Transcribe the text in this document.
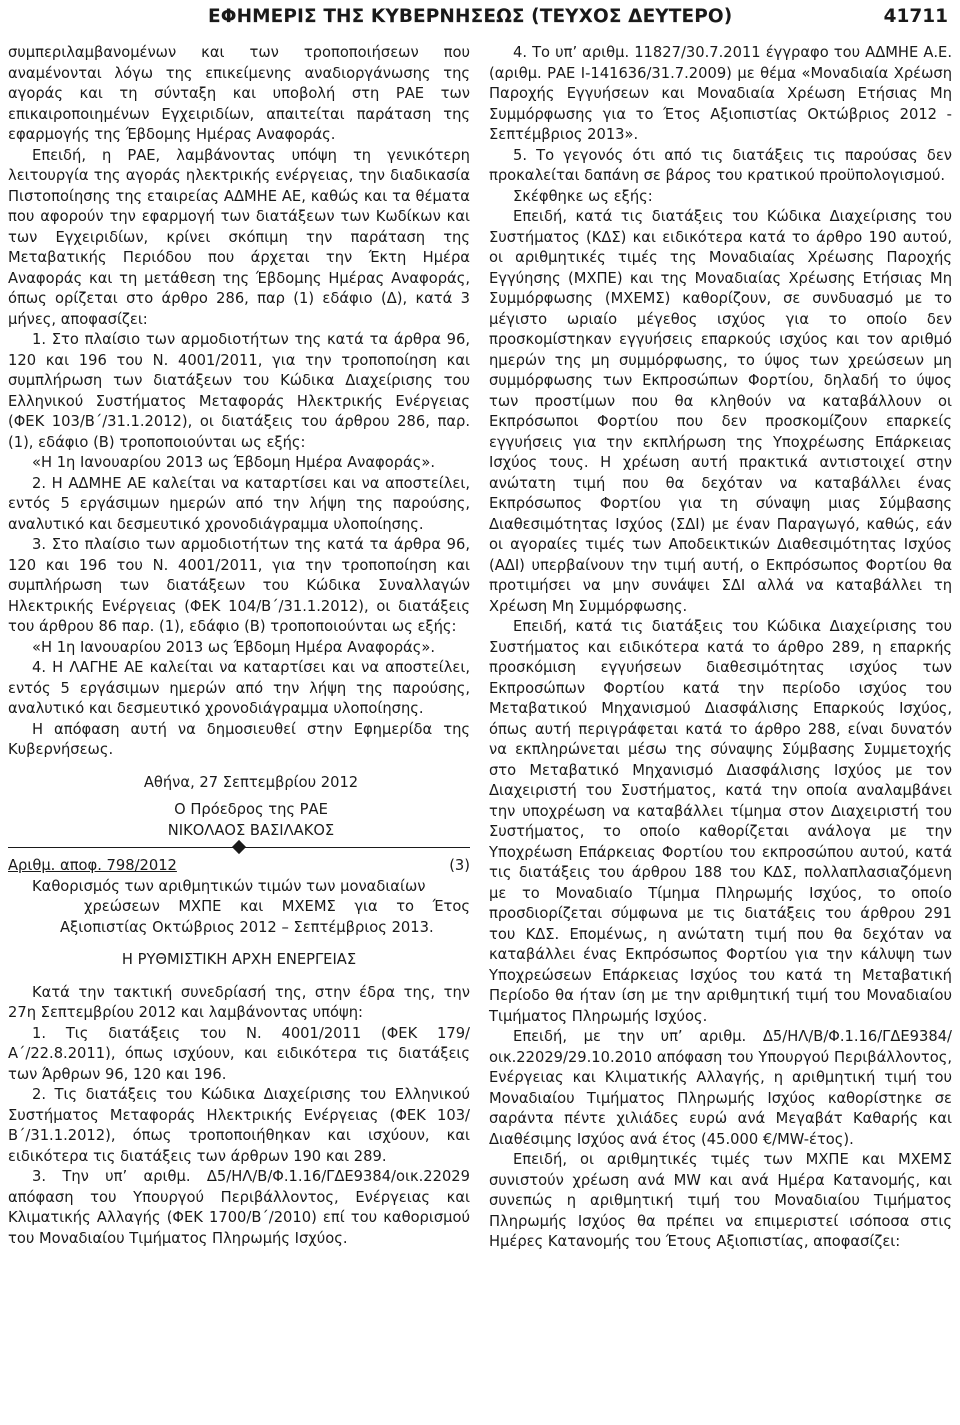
ΕΦΗΜΕΡΙΣ ΤΗΣ ΚΥΒΕΡΝΗΣΕΩΣ (ΤΕΥΧΟΣ ΔΕΥΤΕΡΟ)	41711

συμπεριλαμβανομένων και των τροποποιήσεων που αναμένονται λόγω της επικείμενης αναδιοργάνωσης της αγοράς και τη σύνταξη και υποβολή στη ΡΑΕ των επικαιροποιημένων Εγχειριδίων, απαιτείται παράταση της εφαρμογής της Έβδομης Ημέρας Αναφοράς.

Επειδή, η ΡΑΕ, λαμβάνοντας υπόψη τη γενικότερη λειτουργία της αγοράς ηλεκτρικής ενέργειας, την διαδικασία Πιστοποίησης της εταιρείας ΑΔΜΗΕ ΑΕ, καθώς και τα θέματα που αφορούν την εφαρμογή των διατάξεων των Κωδίκων και των Εγχειριδίων, κρίνει σκόπιμη την παράταση της Μεταβατικής Περιόδου που άρχεται την Έκτη Ημέρα Αναφοράς και τη μετάθεση της Έβδομης Ημέρας Αναφοράς, όπως ορίζεται στο άρθρο 286, παρ (1) εδάφιο (Δ), κατά 3 μήνες, αποφασίζει:

1. Στο πλαίσιο των αρμοδιοτήτων της κατά τα άρθρα 96, 120 και 196 του Ν. 4001/2011, για την τροποποίηση και συμπλήρωση των διατάξεων του Κώδικα Διαχείρισης του Ελληνικού Συστήματος Μεταφοράς Ηλεκτρικής Ενέργειας (ΦΕΚ 103/Β΄/31.1.2012), οι διατάξεις του άρθρου 286, παρ. (1), εδάφιο (Β) τροποποιούνται ως εξής:

«Η 1η Ιανουαρίου 2013 ως Έβδομη Ημέρα Αναφοράς».

2. Η ΑΔΜΗΕ ΑΕ καλείται να καταρτίσει και να αποστείλει, εντός 5 εργάσιμων ημερών από την λήψη της παρούσης, αναλυτικό και δεσμευτικό χρονοδιάγραμμα υλοποίησης.

3. Στο πλαίσιο των αρμοδιοτήτων της κατά τα άρθρα 96, 120 και 196 του Ν. 4001/2011, για την τροποποίηση και συμπλήρωση των διατάξεων του Κώδικα Συναλλαγών Ηλεκτρικής Ενέργειας (ΦΕΚ 104/Β΄/31.1.2012), οι διατάξεις του άρθρου 86 παρ. (1), εδάφιο (Β) τροποποιούνται ως εξής:

«Η 1η Ιανουαρίου 2013 ως Έβδομη Ημέρα Αναφοράς».

4. Η ΛΑΓΗΕ ΑΕ καλείται να καταρτίσει και να αποστείλει, εντός 5 εργάσιμων ημερών από την λήψη της παρούσης, αναλυτικό και δεσμευτικό χρονοδιάγραμμα υλοποίησης.

Η απόφαση αυτή να δημοσιευθεί στην Εφημερίδα της Κυβερνήσεως.

Αθήνα, 27 Σεπτεμβρίου 2012

Ο Πρόεδρος της ΡΑΕ

ΝΙΚΟΛΑΟΣ ΒΑΣΙΛΑΚΟΣ

Αριθμ. αποφ. 798/2012	(3)

Καθορισμός των αριθμητικών τιμών των μοναδιαίων

χρεώσεων ΜΧΠΕ και ΜΧΕΜΣ για το Έτος Αξιοπιστίας Οκτώβριος 2012 – Σεπτέμβριος 2013.

Η ΡΥΘΜΙΣΤΙΚΗ ΑΡΧΗ ΕΝΕΡΓΕΙΑΣ

Κατά την τακτική συνεδρίασή της, στην έδρα της, την 27η Σεπτεμβρίου 2012 και λαμβάνοντας υπόψη:

1. Τις διατάξεις του Ν. 4001/2011 (ΦΕΚ 179/Α΄/22.8.2011), όπως ισχύουν, και ειδικότερα τις διατάξεις των Άρθρων 96, 120 και 196.

2. Τις διατάξεις του Κώδικα Διαχείρισης του Ελληνικού Συστήματος Μεταφοράς Ηλεκτρικής Ενέργειας (ΦΕΚ 103/Β΄/31.1.2012), όπως τροποποιήθηκαν και ισχύουν, και ειδικότερα τις διατάξεις των άρθρων 190 και 289.

3. Την υπ’ αριθμ. Δ5/ΗΛ/Β/Φ.1.16/ΓΔΕ9384/οικ.22029 απόφαση του Υπουργού Περιβάλλοντος, Ενέργειας και Κλιματικής Αλλαγής (ΦΕΚ 1700/Β΄/2010) επί του καθορισμού του Μοναδιαίου Τιμήματος Πληρωμής Ισχύος.

4. Το υπ’ αριθμ. 11827/30.7.2011 έγγραφο του ΑΔΜΗΕ Α.Ε. (αριθμ. ΡΑΕ Ι-141636/31.7.2009) με θέμα «Μοναδιαία Χρέωση Παροχής Εγγυήσεων και Μοναδιαία Χρέωση Ετήσιας Μη Συμμόρφωσης για το Έτος Αξιοπιστίας Οκτώβριος 2012 - Σεπτέμβριος 2013».

5. Το γεγονός ότι από τις διατάξεις τις παρούσας δεν προκαλείται δαπάνη σε βάρος του κρατικού προϋπολογισμού.

Σκέφθηκε ως εξής:

Επειδή, κατά τις διατάξεις του Κώδικα Διαχείρισης του Συστήματος (ΚΔΣ) και ειδικότερα κατά το άρθρο 190 αυτού, οι αριθμητικές τιμές της Μοναδιαίας Χρέωσης Παροχής Εγγύησης (ΜΧΠΕ) και της Μοναδιαίας Χρέωσης Ετήσιας Μη Συμμόρφωσης (ΜΧΕΜΣ) καθορίζουν, σε συνδυασμό με το μέγιστο ωριαίο μέγεθος ισχύος για το οποίο δεν προσκομίστηκαν εγγυήσεις επαρκούς ισχύος και τον αριθμό ημερών της μη συμμόρφωσης, το ύψος των χρεώσεων μη συμμόρφωσης των Εκπροσώπων Φορτίου, δηλαδή το ύψος των προστίμων που θα κληθούν να καταβάλλουν οι Εκπρόσωποι Φορτίου που δεν προσκομίζουν επαρκείς εγγυήσεις για την εκπλήρωση της Υποχρέωσης Επάρκειας Ισχύος τους. Η χρέωση αυτή πρακτικά αντιστοιχεί στην ανώτατη τιμή που θα δεχόταν να καταβάλλει ένας Εκπρόσωπος Φορτίου για τη σύναψη μιας Σύμβασης Διαθεσιμότητας Ισχύος (ΣΔΙ) με έναν Παραγωγό, καθώς, εάν οι αγοραίες τιμές των Αποδεικτικών Διαθεσιμότητας Ισχύος (ΑΔΙ) υπερβαίνουν την τιμή αυτή, ο Εκπρόσωπος Φορτίου θα προτιμήσει να μην συνάψει ΣΔΙ αλλά να καταβάλλει τη Χρέωση Μη Συμμόρφωσης.

Επειδή, κατά τις διατάξεις του Κώδικα Διαχείρισης του Συστήματος και ειδικότερα κατά το άρθρο 289, η επαρκής προσκόμιση εγγυήσεων διαθεσιμότητας ισχύος των Εκπροσώπων Φορτίου κατά την περίοδο ισχύος του Μεταβατικού Μηχανισμού Διασφάλισης Επαρκούς Ισχύος, όπως αυτή περιγράφεται κατά το άρθρο 288, είναι δυνατόν να εκπληρώνεται μέσω της σύναψης Σύμβασης Συμμετοχής στο Μεταβατικό Μηχανισμό Διασφάλισης Ισχύος με τον Διαχειριστή του Συστήματος, κατά την οποία αναλαμβάνει την υποχρέωση να καταβάλλει τίμημα στον Διαχειριστή του Συστήματος, το οποίο καθορίζεται ανάλογα με την Υποχρέωση Επάρκειας Φορτίου του εκπροσώπου αυτού, κατά τις διατάξεις του άρθρου 188 του ΚΔΣ, πολλαπλασιαζόμενη με το Μοναδιαίο Τίμημα Πληρωμής Ισχύος, το οποίο προσδιορίζεται σύμφωνα με τις διατάξεις του άρθρου 291 του ΚΔΣ. Επομένως, η ανώτατη τιμή που θα δεχόταν να καταβάλλει ένας Εκπρόσωπος Φορτίου για την κάλυψη των Υποχρεώσεων Επάρκειας Ισχύος του κατά τη Μεταβατική Περίοδο θα ήταν ίση με την αριθμητική τιμή του Μοναδιαίου Τιμήματος Πληρωμής Ισχύος.

Επειδή, με την υπ’ αριθμ. Δ5/ΗΛ/Β/Φ.1.16/ΓΔΕ9384/οικ.22029/29.10.2010 απόφαση του Υπουργού Περιβάλλοντος, Ενέργειας και Κλιματικής Αλλαγής, η αριθμητική τιμή του Μοναδιαίου Τιμήματος Πληρωμής Ισχύος καθορίστηκε σε σαράντα πέντε χιλιάδες ευρώ ανά Μεγαβάτ Καθαρής και Διαθέσιμης Ισχύος ανά έτος (45.000 €/MW-έτος).

Επειδή, οι αριθμητικές τιμές των ΜΧΠΕ και ΜΧΕΜΣ συνιστούν χρέωση ανά MW και ανά Ημέρα Κατανομής, και συνεπώς η αριθμητική τιμή του Μοναδιαίου Τιμήματος Πληρωμής Ισχύος θα πρέπει να επιμεριστεί ισόποσα στις Ημέρες Κατανομής του Έτους Αξιοπιστίας, αποφασίζει:
